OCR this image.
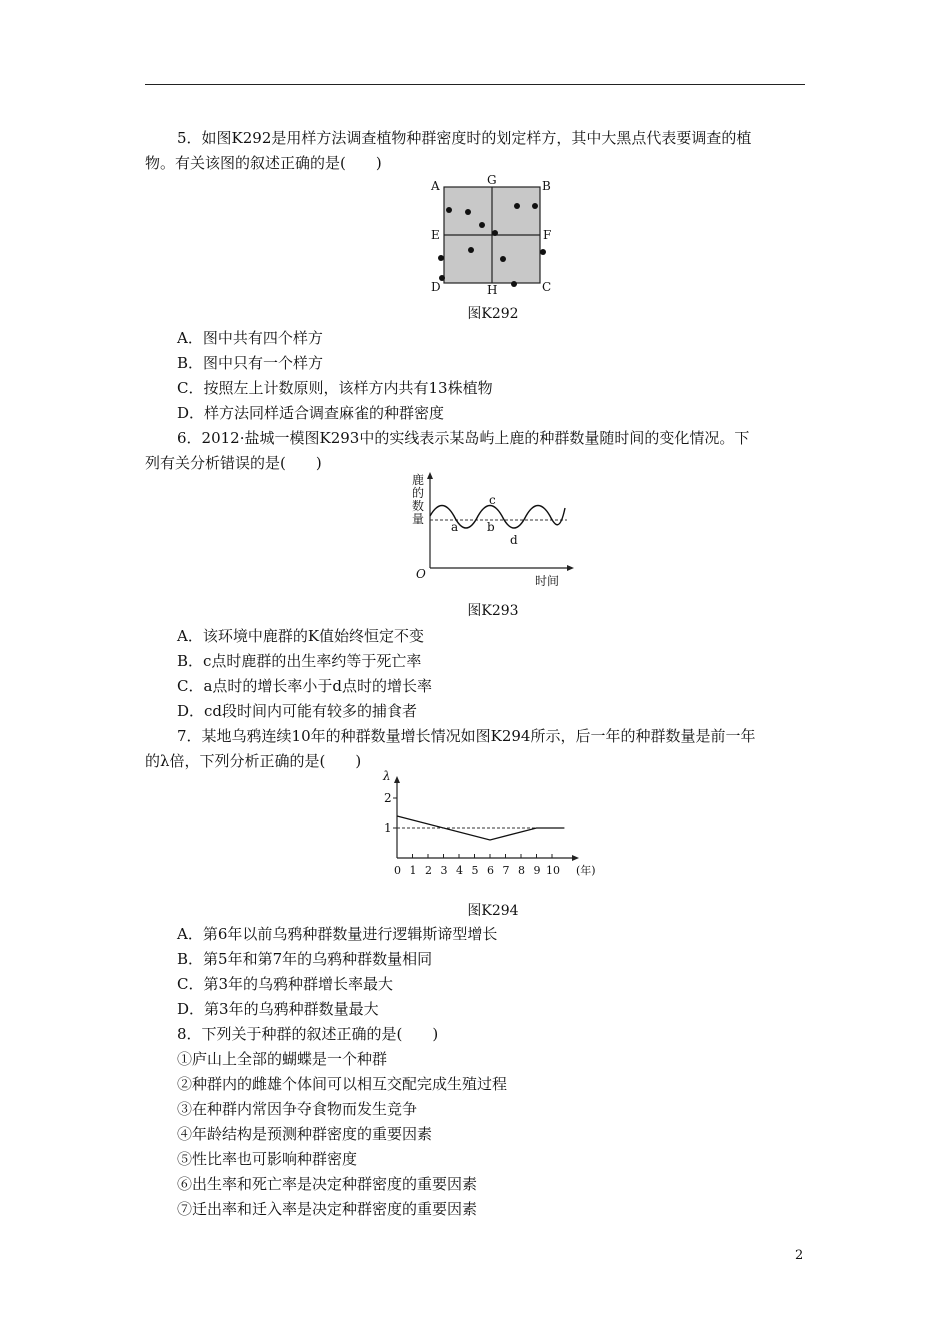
5．如图K292是用样方法调查植物种群密度时的划定样方，其中大黑点代表要调查的植
物。有关该图的叙述正确的是(　　)
A	G	B
E	F
D	H	C
图K292
A．图中共有四个样方
B．图中只有一个样方
C．按照左上计数原则，该样方内共有13株植物
D．样方法同样适合调查麻雀的种群密度
6．2012·盐城一模图K293中的实线表示某岛屿上鹿的种群数量随时间的变化情况。下
列有关分析错误的是(　　)
鹿
的
数
量
O	时间
a b
c
d
图K293
A．该环境中鹿群的K值始终恒定不变
B．c点时鹿群的出生率约等于死亡率
C．a点时的增长率小于d点时的增长率
D．cd段时间内可能有较多的捕食者
7．某地乌鸦连续10年的种群数量增长情况如图K294所示，后一年的种群数量是前一年
的λ倍，下列分析正确的是(　　)
λ
2
1
0 1 2 3 4 5 6 7 8 9 10 (年)
图K294
A．第6年以前乌鸦种群数量进行逻辑斯谛型增长
B．第5年和第7年的乌鸦种群数量相同
C．第3年的乌鸦种群增长率最大
D．第3年的乌鸦种群数量最大
8．下列关于种群的叙述正确的是(　　)
①庐山上全部的蝴蝶是一个种群
②种群内的雌雄个体间可以相互交配完成生殖过程
③在种群内常因争夺食物而发生竞争
④年龄结构是预测种群密度的重要因素
⑤性比率也可影响种群密度
⑥出生率和死亡率是决定种群密度的重要因素
⑦迁出率和迁入率是决定种群密度的重要因素
2
